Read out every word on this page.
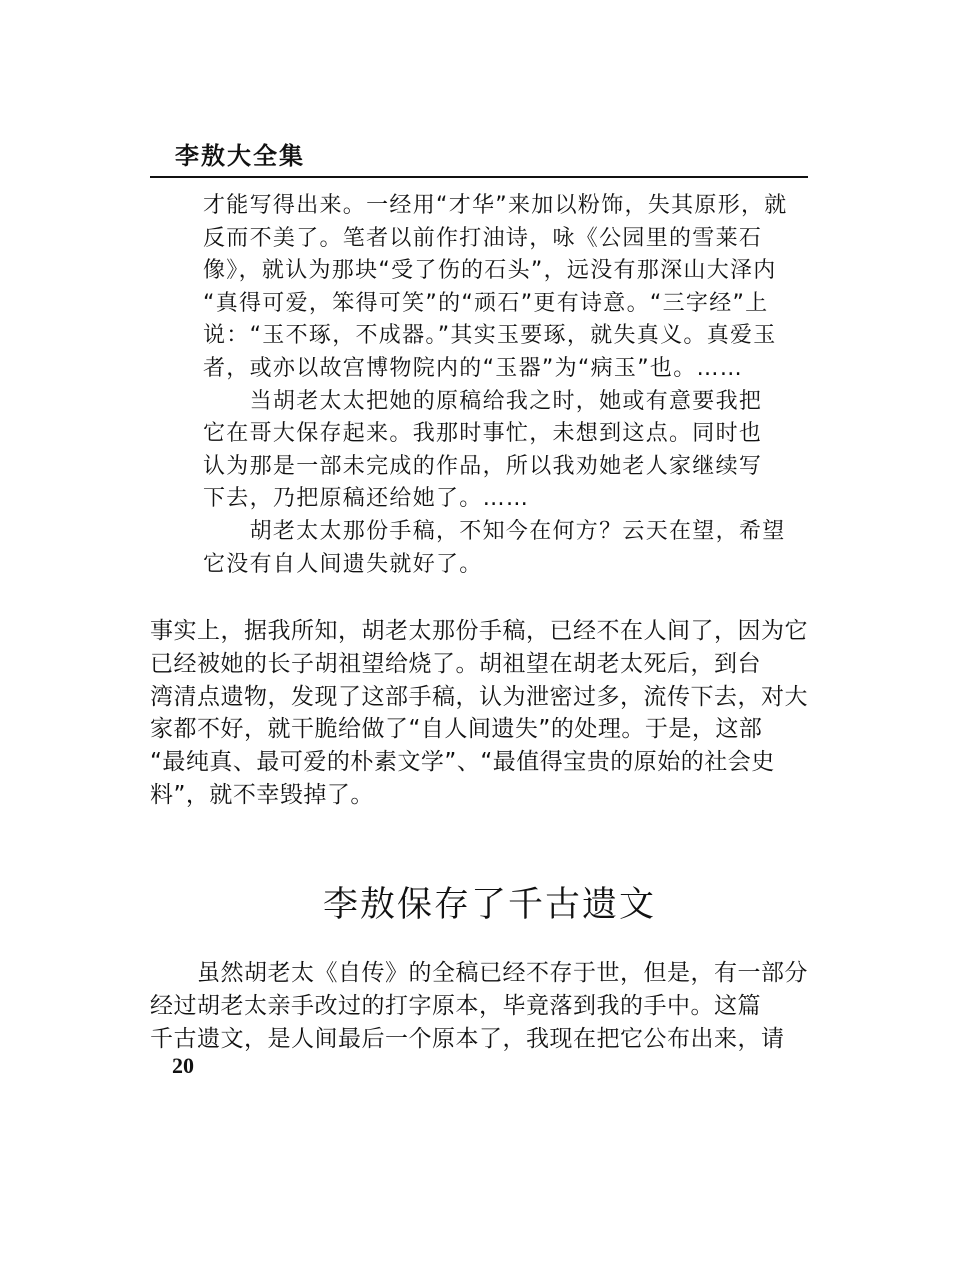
李敖大全集
才能写得出来。一经用“才华”来加以粉饰，失其原形，就
反而不美了。笔者以前作打油诗，咏《公园里的雪莱石
像》，就认为那块“受了伤的石头”，远没有那深山大泽内
“真得可爱，笨得可笑”的“顽石”更有诗意。“三字经”上
说：“玉不琢，不成器。”其实玉要琢，就失真义。真爱玉
者，或亦以故宫博物院内的“玉器”为“病玉”也。……
　　当胡老太太把她的原稿给我之时，她或有意要我把
它在哥大保存起来。我那时事忙，未想到这点。同时也
认为那是一部未完成的作品，所以我劝她老人家继续写
下去，乃把原稿还给她了。……
　　胡老太太那份手稿，不知今在何方？云天在望，希望
它没有自人间遗失就好了。
事实上，据我所知，胡老太那份手稿，已经不在人间了，因为它
已经被她的长子胡祖望给烧了。胡祖望在胡老太死后，到台
湾清点遗物，发现了这部手稿，认为泄密过多，流传下去，对大
家都不好，就干脆给做了“自人间遗失”的处理。于是，这部
“最纯真、最可爱的朴素文学”、“最值得宝贵的原始的社会史
料”，就不幸毁掉了。
李敖保存了千古遗文
　　虽然胡老太《自传》的全稿已经不存于世，但是，有一部分
经过胡老太亲手改过的打字原本，毕竟落到我的手中。这篇
千古遗文，是人间最后一个原本了，我现在把它公布出来，请
20
